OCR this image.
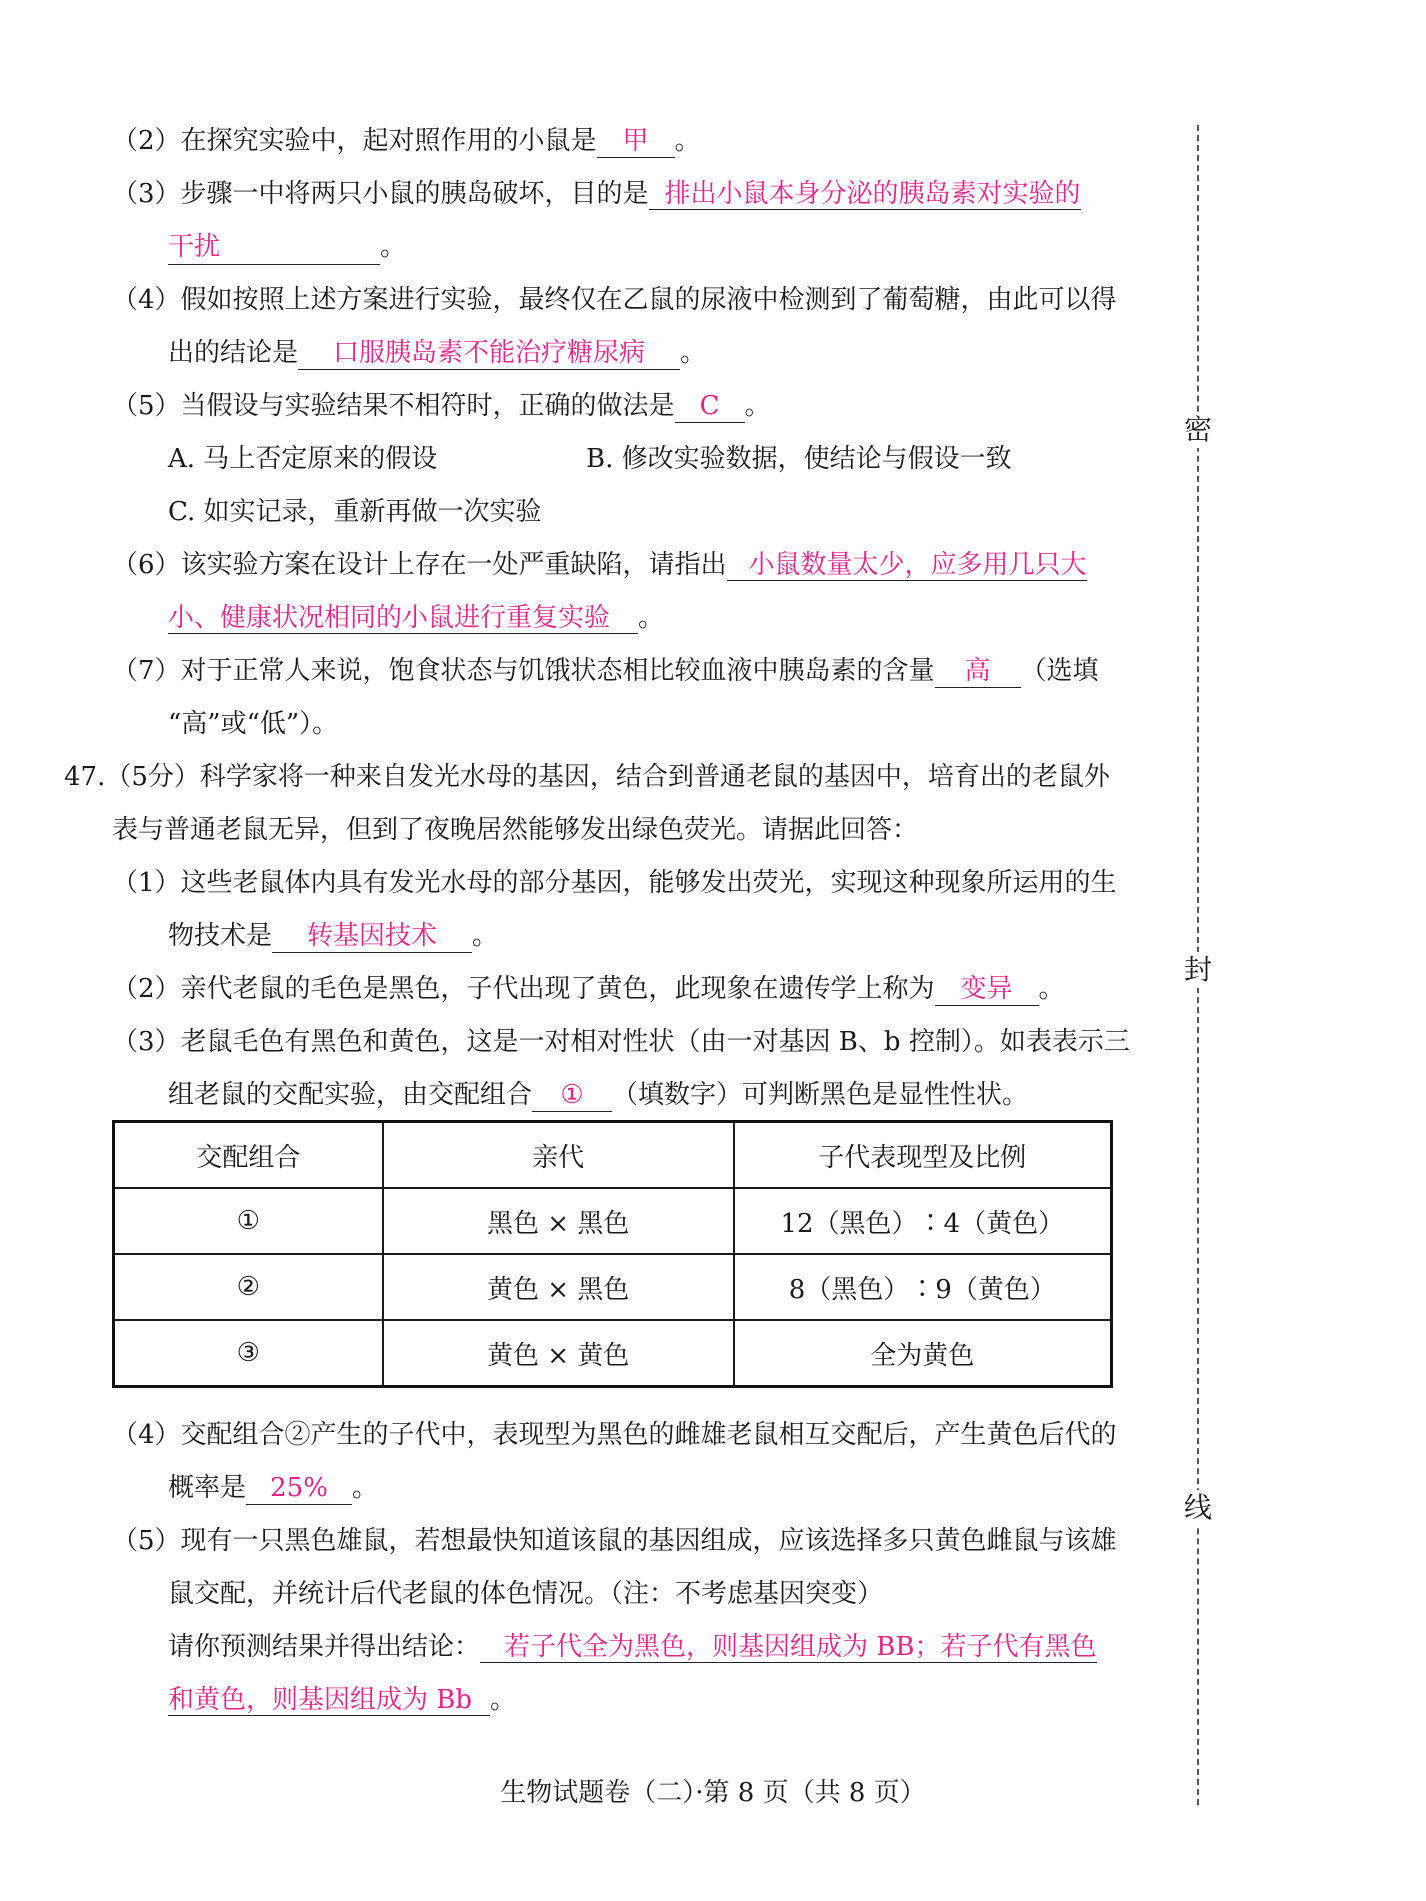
（2）在探究实验中，起对照作用的小鼠是 甲 。
（3）步骤一中将两只小鼠的胰岛破坏，目的是 排出小鼠本身分泌的胰岛素对实验的
干扰	。
（4）假如按照上述方案进行实验，最终仅在乙鼠的尿液中检测到了葡萄糖，由此可以得
出的结论是 口服胰岛素不能治疗糖尿病 。
（5）当假设与实验结果不相符时，正确的做法是 C 。
A. 马上否定原来的假设	B. 修改实验数据，使结论与假设一致
C. 如实记录，重新再做一次实验
（6）该实验方案在设计上存在一处严重缺陷，请指出 小鼠数量太少，应多用几只大
小、健康状况相同的小鼠进行重复实验 。
（7）对于正常人来说，饱食状态与饥饿状态相比较血液中胰岛素的含量 高 （选填
“高”或“低”）。
47.（5分）科学家将一种来自发光水母的基因，结合到普通老鼠的基因中，培育出的老鼠外
表与普通老鼠无异，但到了夜晚居然能够发出绿色荧光。请据此回答：
（1）这些老鼠体内具有发光水母的部分基因，能够发出荧光，实现这种现象所运用的生
物技术是 转基因技术 。
（2）亲代老鼠的毛色是黑色，子代出现了黄色，此现象在遗传学上称为 变异 。
（3）老鼠毛色有黑色和黄色，这是一对相对性状（由一对基因 B、b 控制）。如表表示三
组老鼠的交配实验，由交配组合 ① （填数字）可判断黑色是显性性状。
交配组合	亲代	子代表现型及比例
①	黑色 × 黑色	12（黑色）∶4（黄色）
②	黄色 × 黑色	8（黑色）∶9（黄色）
③	黄色 × 黄色	全为黄色
（4）交配组合②产生的子代中，表现型为黑色的雌雄老鼠相互交配后，产生黄色后代的
概率是 25% 。
（5）现有一只黑色雄鼠，若想最快知道该鼠的基因组成，应该选择多只黄色雌鼠与该雄
鼠交配，并统计后代老鼠的体色情况。（注：不考虑基因突变）
请你预测结果并得出结论： 若子代全为黑色，则基因组成为 BB；若子代有黑色
和黄色，则基因组成为 Bb 。
生物试题卷（二）·第 8 页（共 8 页）
密
封
线
